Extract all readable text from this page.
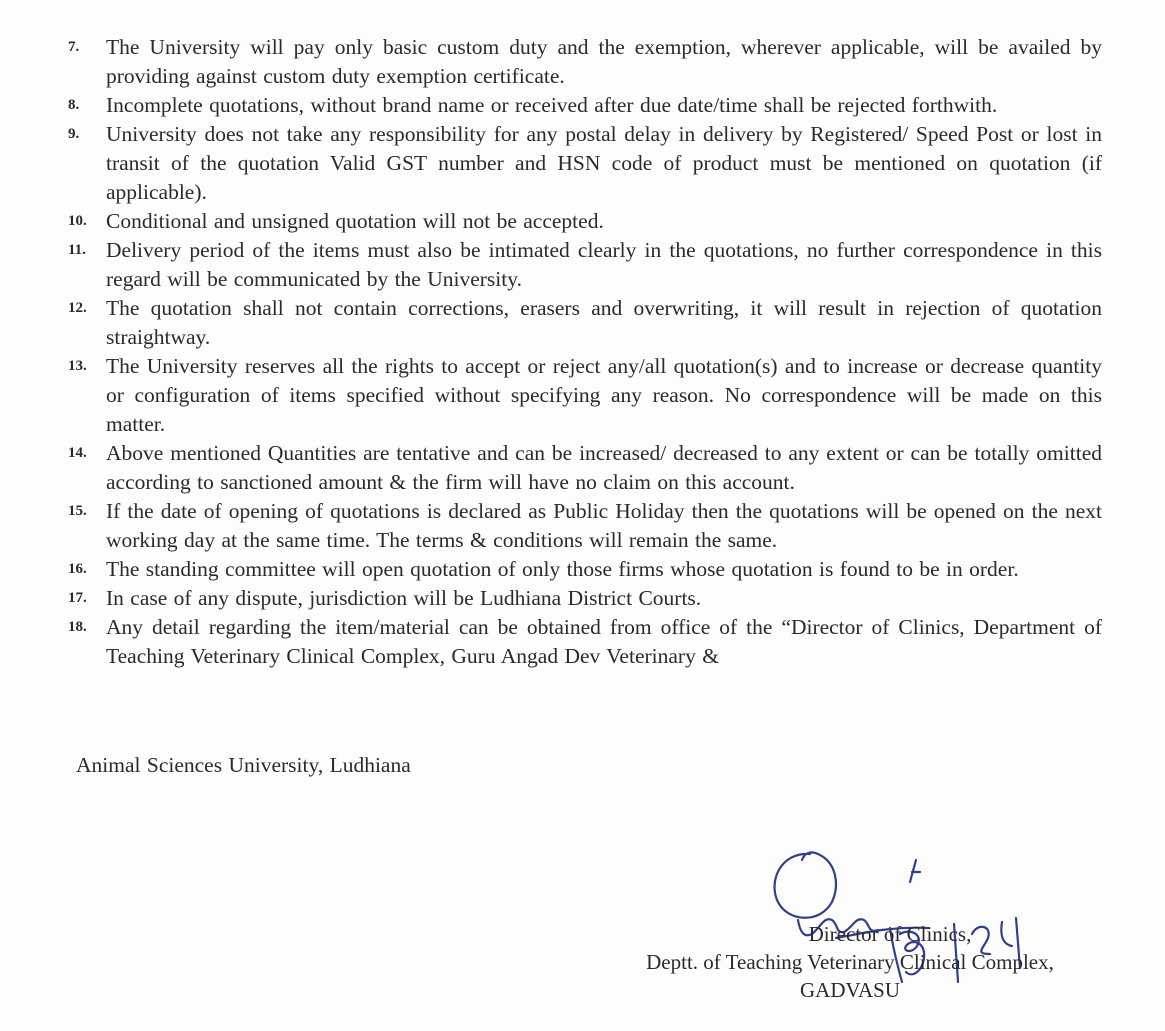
7.	The University will pay only basic custom duty and the exemption, wherever applicable, will be availed by providing against custom duty exemption certificate.
8.	Incomplete quotations, without brand name or received after due date/time shall be rejected forthwith.
9.	University does not take any responsibility for any postal delay in delivery by Registered/ Speed Post or lost in transit of the quotation Valid GST number and HSN code of product must be mentioned on quotation (if applicable).
10. Conditional and unsigned quotation will not be accepted.
11. Delivery period of the items must also be intimated clearly in the quotations, no further correspondence in this regard will be communicated by the University.
12. The quotation shall not contain corrections, erasers and overwriting, it will result in rejection of quotation straightway.
13. The University reserves all the rights to accept or reject any/all quotation(s) and to increase or decrease quantity or configuration of items specified without specifying any reason. No correspondence will be made on this matter.
14. Above mentioned Quantities are tentative and can be increased/ decreased to any extent or can be totally omitted according to sanctioned amount & the firm will have no claim on this account.
15. If the date of opening of quotations is declared as Public Holiday then the quotations will be opened on the next working day at the same time. The terms & conditions will remain the same.
16. The standing committee will open quotation of only those firms whose quotation is found to be in order.
17. In case of any dispute, jurisdiction will be Ludhiana District Courts.
18. Any detail regarding the item/material can be obtained from office of the “Director of Clinics, Department of Teaching Veterinary Clinical Complex, Guru Angad Dev Veterinary &
Animal Sciences University, Ludhiana
Director of Clinics,
Deptt. of Teaching Veterinary Clinical Complex,
GADVASU
